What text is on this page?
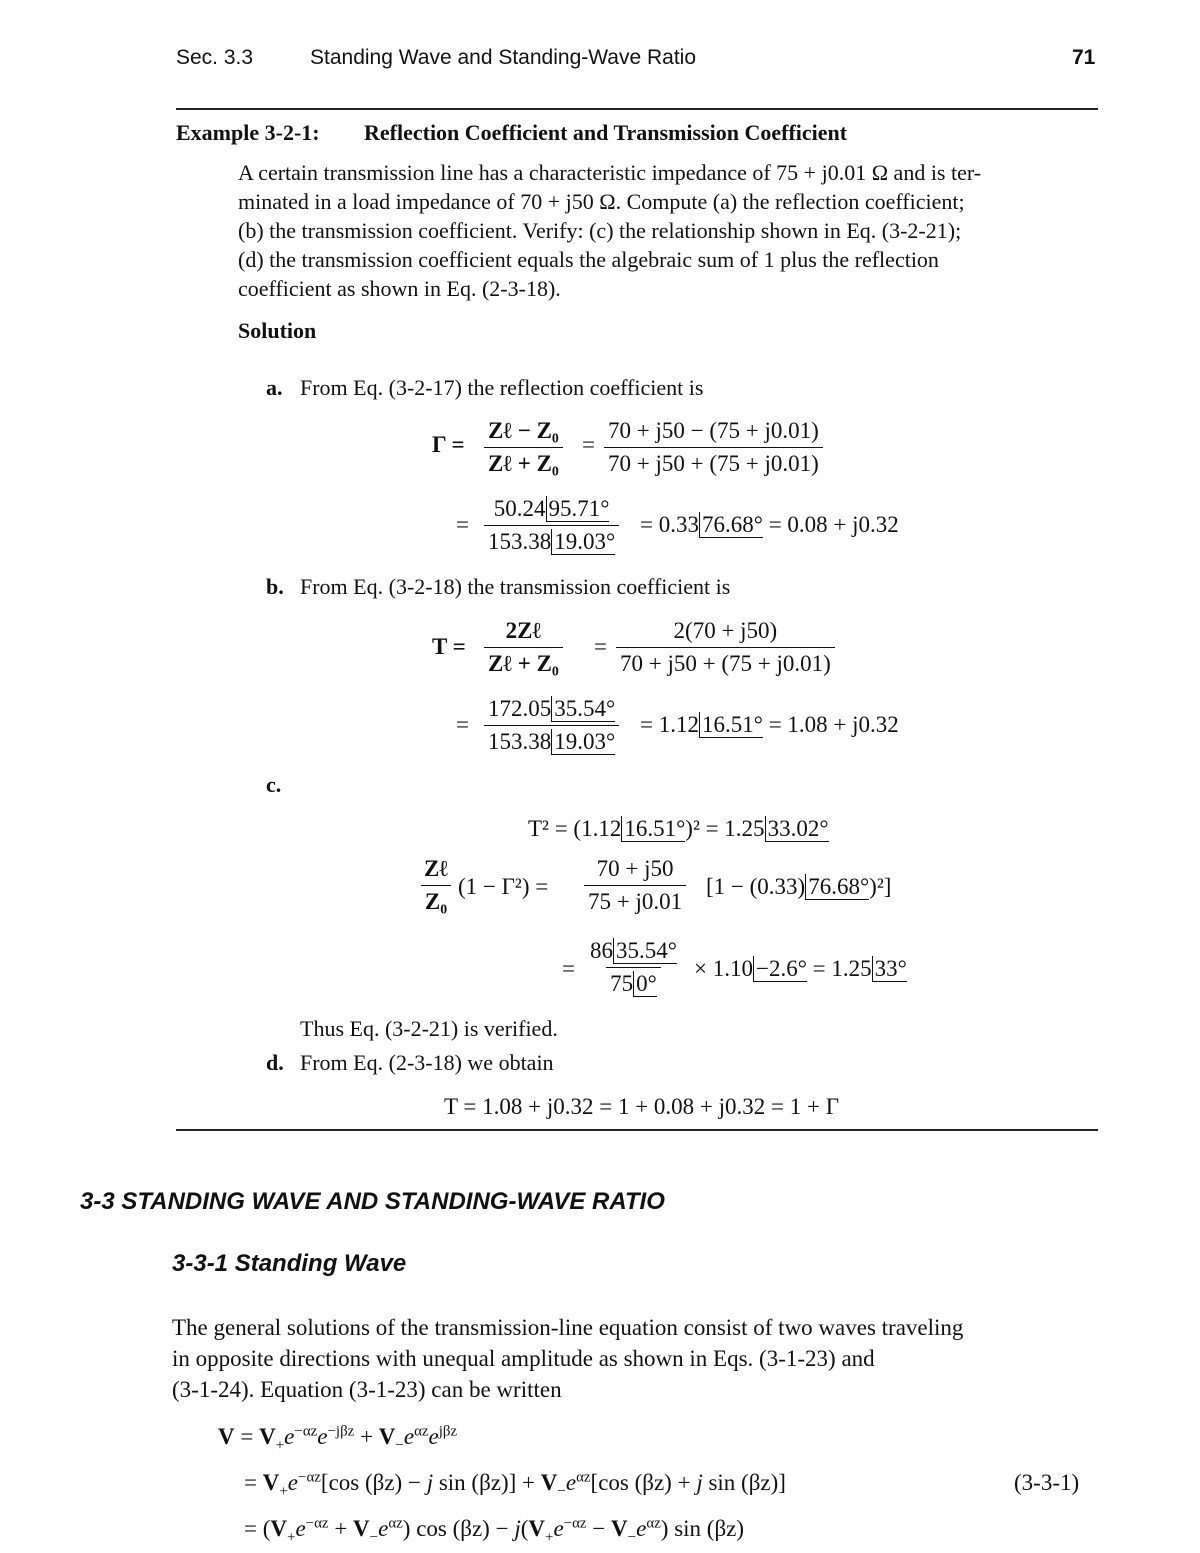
Sec. 3.3	Standing Wave and Standing-Wave Ratio	71
Example 3-2-1: Reflection Coefficient and Transmission Coefficient
A certain transmission line has a characteristic impedance of 75 + j0.01 Ω and is ter-
minated in a load impedance of 70 + j50 Ω. Compute (a) the reflection coefficient;
(b) the transmission coefficient. Verify: (c) the relationship shown in Eq. (3-2-21);
(d) the transmission coefficient equals the algebraic sum of 1 plus the reflection
coefficient as shown in Eq. (2-3-18).
Solution
a. From Eq. (3-2-17) the reflection coefficient is
Γ =
Zℓ − Z₀
Zℓ + Z₀
= $\frac{70 + j50 - (75 + j0.01)}{70 + j50 + (75 + j0.01)}$
= $\frac{50.24 95.71^\circ}{153.38 19.03^\circ} = 0.33$ 76.68° = 0.08 + j0.32
b. From Eq. (3-2-18) the transmission coefficient is
T =
2Zℓ
Zℓ + Z₀
= $\frac{2(70 + j50)}{70 + j50 + (75 + j0.01)}$
= $\frac{172.05 35.54^\circ}{153.38 19.03^\circ} = 1.12$ 16.51° = 1.08 + j0.32
c.
T² = (1.12 16.51°)² = 1.25 33.02°
Zℓ
Z₀
$(1 - \Gamma^2) = \frac{70 + j50}{75 + j0.01} [1 - (0.33)$ 76.68°)²]
= $\frac{86 35.54^\circ}{75 0^\circ} \times 1.10 -2.6^\circ = 1.25$ 33°
Thus Eq. (3-2-21) is verified.
d. From Eq. (2-3-18) we obtain
T = 1.08 + j0.32 = 1 + 0.08 + j0.32 = 1 + Γ
3-3 STANDING WAVE AND STANDING-WAVE RATIO
3-3-1 Standing Wave
The general solutions of the transmission-line equation consist of two waves traveling
in opposite directions with unequal amplitude as shown in Eqs. (3-1-23) and
(3-1-24). Equation (3-1-23) can be written
$V = V_+e^{-\alpha z}e^{-j\beta z} + V_-e^{\alpha z}e^{j\beta z}$
= $V_+e^{-\alpha z}[\cos$ (βz) − j $\sin (\beta z)] + V_-e^{\alpha z}[\cos$ (βz) + j sin (βz)]	(3-3-1)
= $(V_+e^{-\alpha z} + V_-e^{\alpha z})$ $\cos (\beta z) - j(V_+e^{-\alpha z} - V_-e^{\alpha z})$ sin (βz)
